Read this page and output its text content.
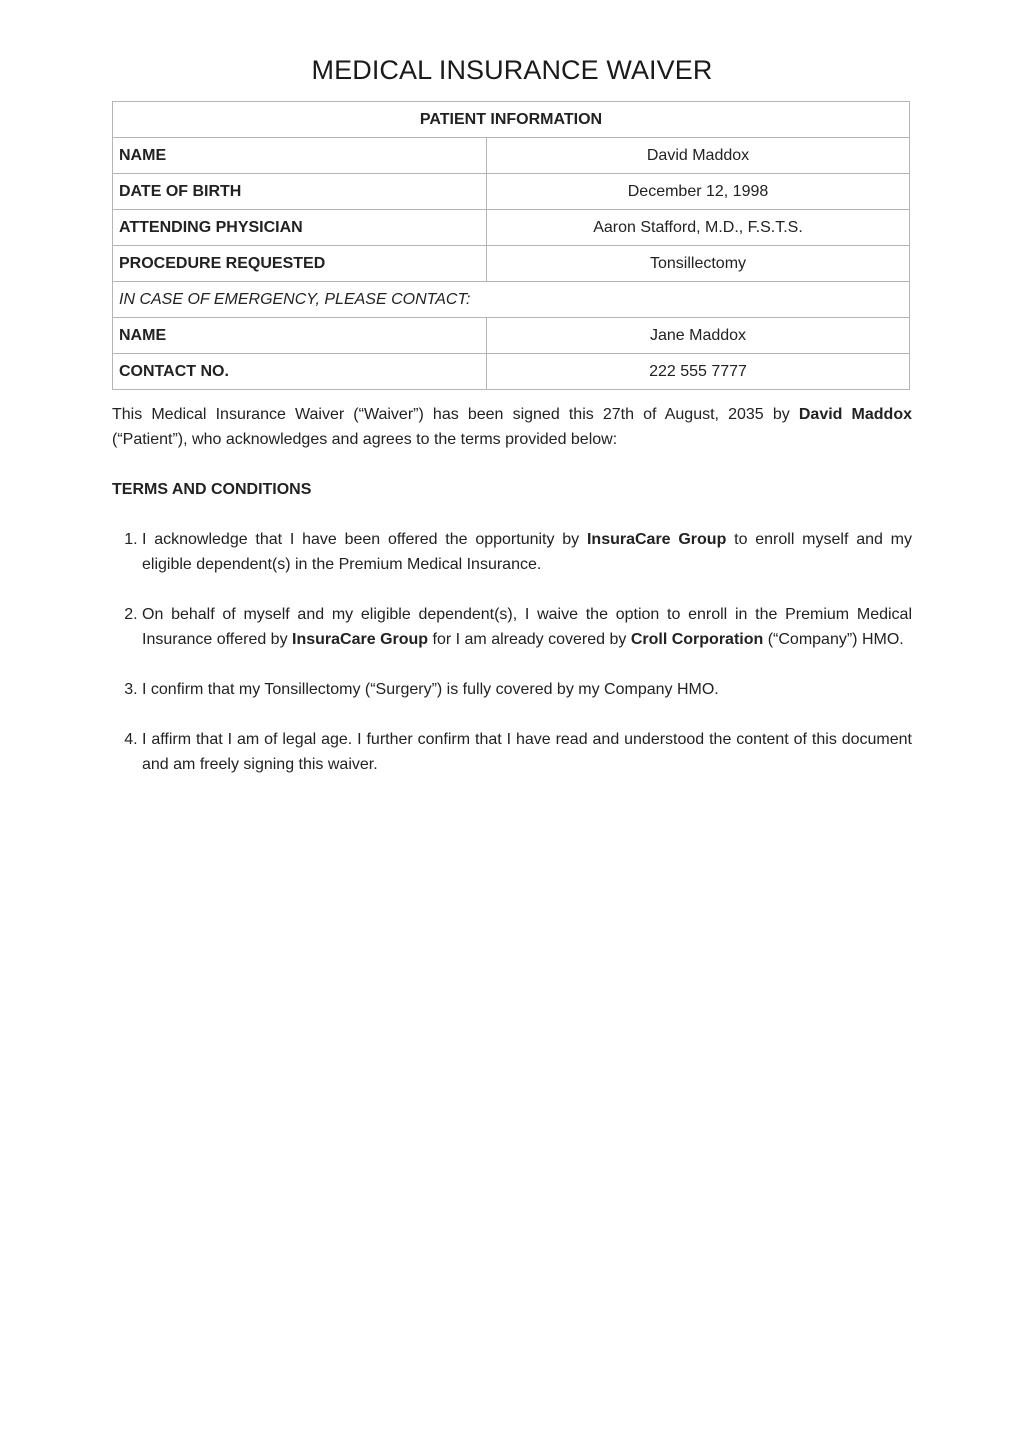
MEDICAL INSURANCE WAIVER
PATIENT INFORMATION	
NAME	David Maddox
DATE OF BIRTH	December 12, 1998
ATTENDING PHYSICIAN	Aaron Stafford, M.D., F.S.T.S.
PROCEDURE REQUESTED	Tonsillectomy
IN CASE OF EMERGENCY, PLEASE CONTACT:	
NAME	Jane Maddox
CONTACT NO.	222 555 7777

This Medical Insurance Waiver (“Waiver”) has been signed this 27th of August, 2035 by David Maddox (“Patient”), who acknowledges and agrees to the terms provided below:

TERMS AND CONDITIONS

1. I acknowledge that I have been offered the opportunity by InsuraCare Group to enroll myself and my eligible dependent(s) in the Premium Medical Insurance.
2. On behalf of myself and my eligible dependent(s), I waive the option to enroll in the Premium Medical Insurance offered by InsuraCare Group for I am already covered by Croll Corporation (“Company”) HMO.
3. I confirm that my Tonsillectomy (“Surgery”) is fully covered by my Company HMO.
4. I affirm that I am of legal age. I further confirm that I have read and understood the content of this document and am freely signing this waiver.
